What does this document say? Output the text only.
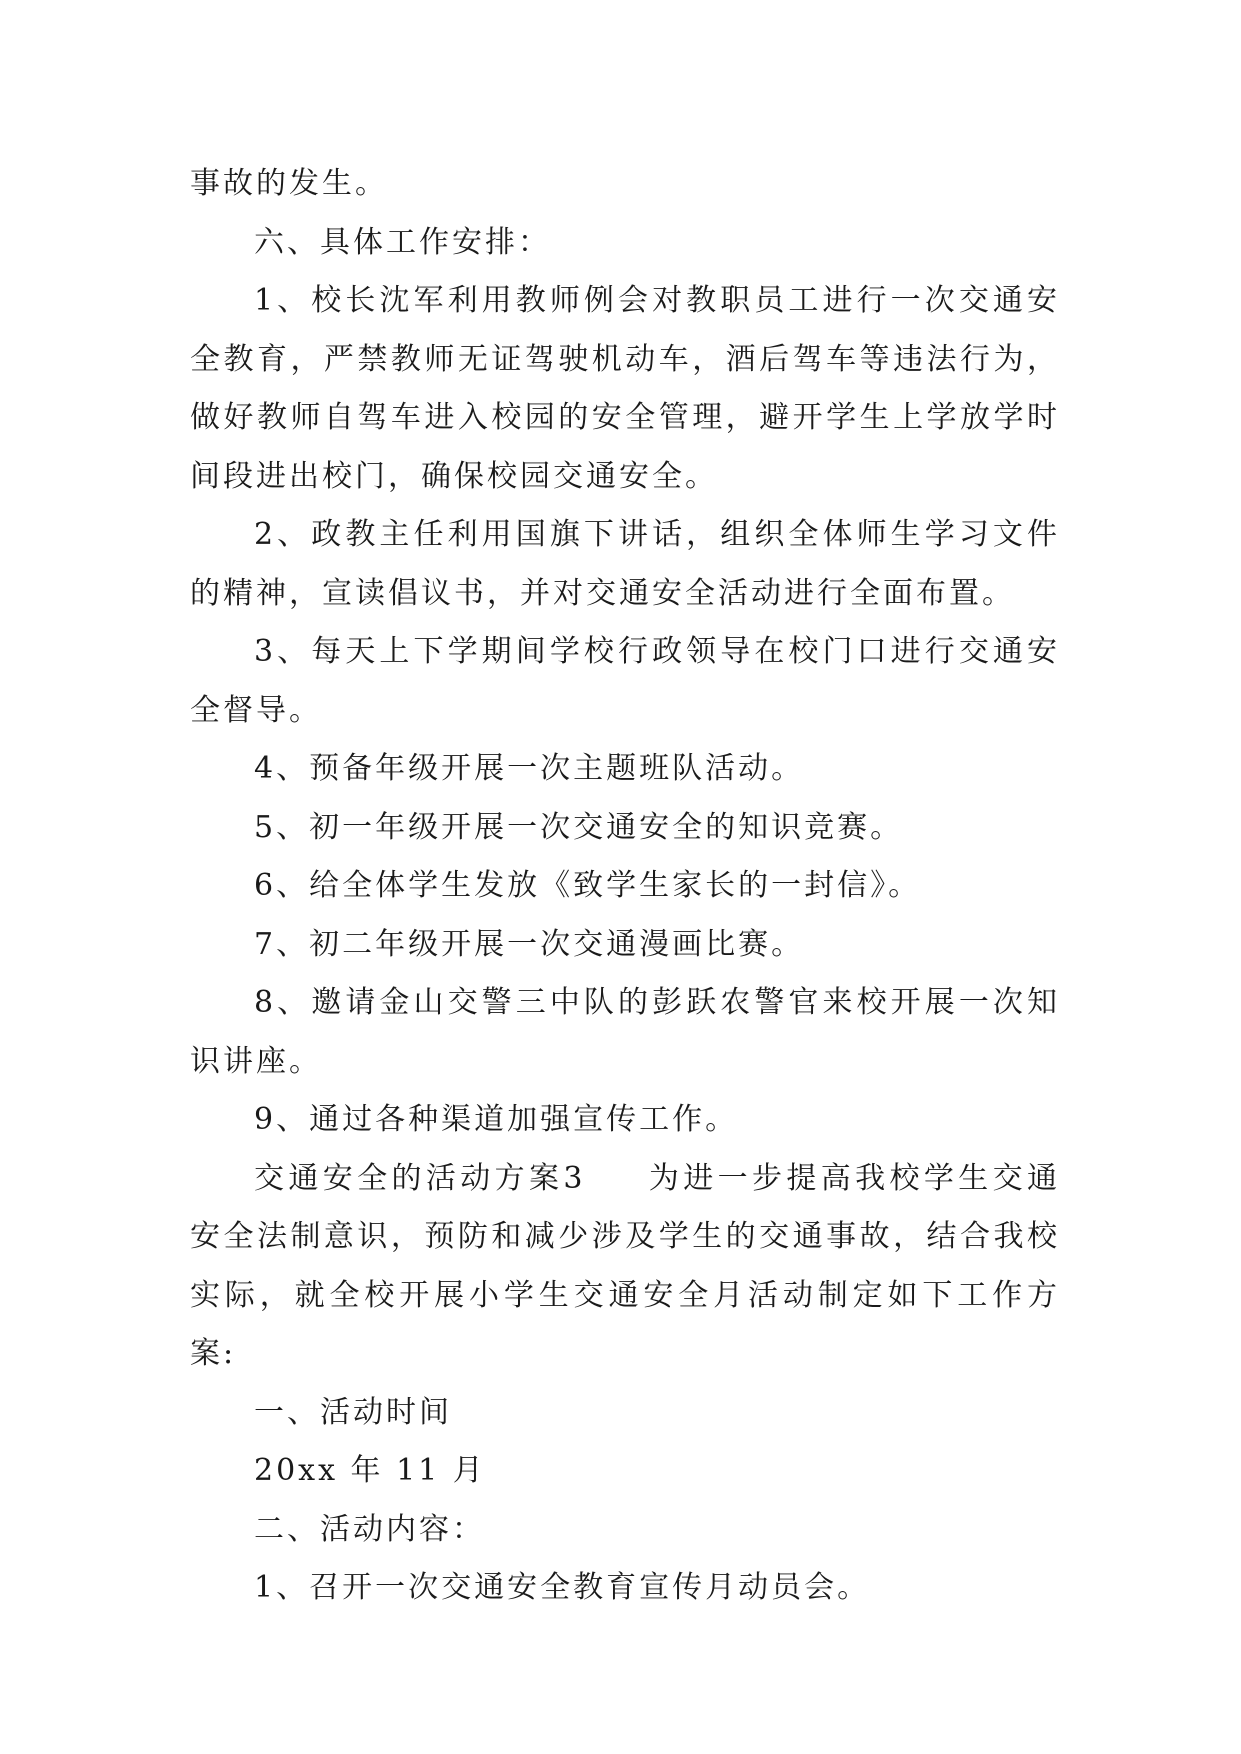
事故的发生。

六、具体工作安排：

1、校长沈军利用教师例会对教职员工进行一次交通安全教育，严禁教师无证驾驶机动车，酒后驾车等违法行为，做好教师自驾车进入校园的安全管理，避开学生上学放学时间段进出校门，确保校园交通安全。

2、政教主任利用国旗下讲话，组织全体师生学习文件的精神，宣读倡议书，并对交通安全活动进行全面布置。

3、每天上下学期间学校行政领导在校门口进行交通安全督导。

4、预备年级开展一次主题班队活动。

5、初一年级开展一次交通安全的知识竞赛。

6、给全体学生发放《致学生家长的一封信》。

7、初二年级开展一次交通漫画比赛。

8、邀请金山交警三中队的彭跃农警官来校开展一次知识讲座。

9、通过各种渠道加强宣传工作。

交通安全的活动方案3 为进一步提高我校学生交通安全法制意识，预防和减少涉及学生的交通事故，结合我校实际，就全校开展小学生交通安全月活动制定如下工作方案:

一、活动时间

20xx 年 11 月

二、活动内容：

1、召开一次交通安全教育宣传月动员会。
